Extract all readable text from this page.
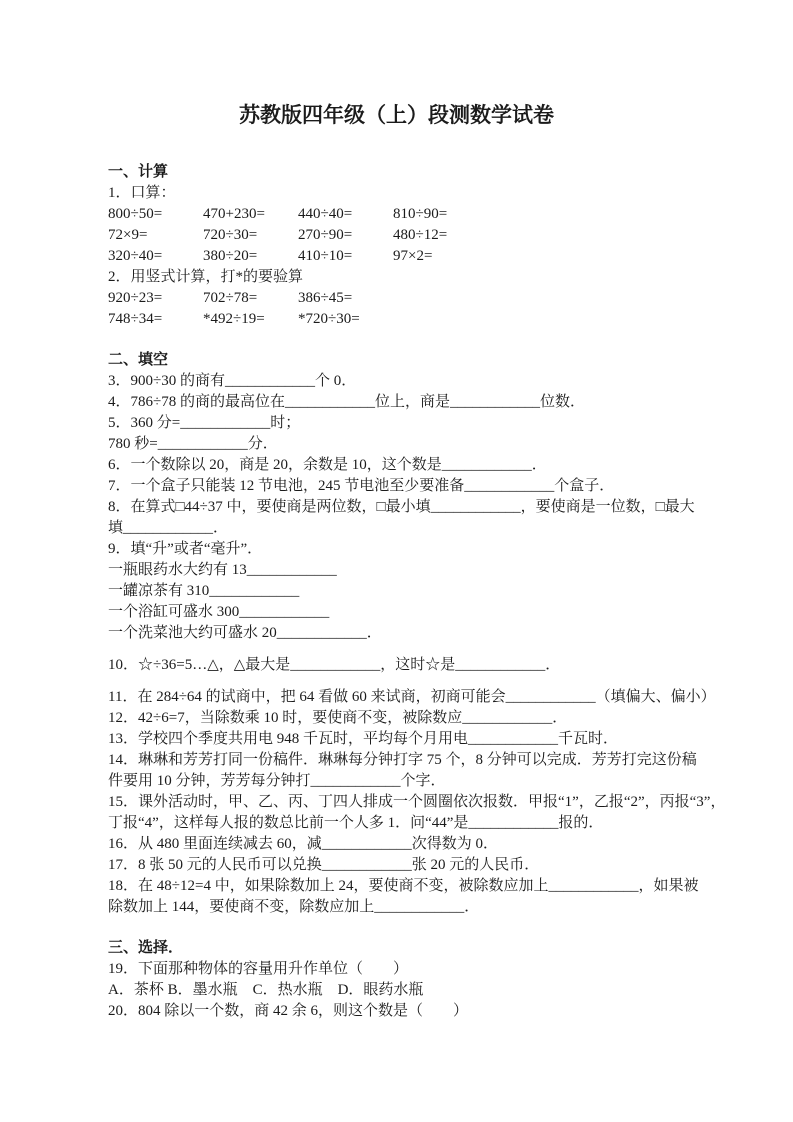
苏教版四年级（上）段测数学试卷
一、计算
1．口算：
800÷50=	470+230= 440÷40=	810÷90=
72×9=	720÷30=	270÷90=	480÷12=
320÷40=	380÷20=	410÷10=	97×2=
2．用竖式计算，打*的要验算
920÷23=	702÷78=	386÷45=
748÷34=	*492÷19= *720÷30=
二、填空
3．900÷30 的商有____________个 0．
4．786÷78 的商的最高位在____________位上，商是____________位数．
5．360 分=____________时；
780 秒=____________分．
6．一个数除以 20，商是 20，余数是 10，这个数是____________．
7．一个盒子只能装 12 节电池，245 节电池至少要准备____________个盒子．
8．在算式□44÷37 中，要使商是两位数，□最小填____________，要使商是一位数，□最大
填____________．
9．填“升”或者“毫升”．
一瓶眼药水大约有 13____________
一罐凉茶有 310____________
一个浴缸可盛水 300____________
一个洗菜池大约可盛水 20____________．
10．☆÷36=5…△，△最大是____________，这时☆是____________．
11．在 284÷64 的试商中，把 64 看做 60 来试商，初商可能会____________（填偏大、偏小）
12．42÷6=7，当除数乘 10 时，要使商不变，被除数应____________．
13．学校四个季度共用电 948 千瓦时，平均每个月用电____________千瓦时．
14．琳琳和芳芳打同一份稿件．琳琳每分钟打字 75 个，8 分钟可以完成．芳芳打完这份稿
件要用 10 分钟，芳芳每分钟打____________个字．
15．课外活动时，甲、乙、丙、丁四人排成一个圆圈依次报数．甲报“1”，乙报“2”，丙报“3”，
丁报“4”，这样每人报的数总比前一个人多 1．问“44”是____________报的．
16．从 480 里面连续减去 60，减____________次得数为 0．
17．8 张 50 元的人民币可以兑换____________张 20 元的人民币．
18．在 48÷12=4 中，如果除数加上 24，要使商不变，被除数应加上____________，如果被
除数加上 144，要使商不变，除数应加上____________．
三、选择．
19．下面那种物体的容量用升作单位（　　）
A．茶杯 B．墨水瓶　C．热水瓶　D．眼药水瓶
20．804 除以一个数，商 42 余 6，则这个数是（　　）
